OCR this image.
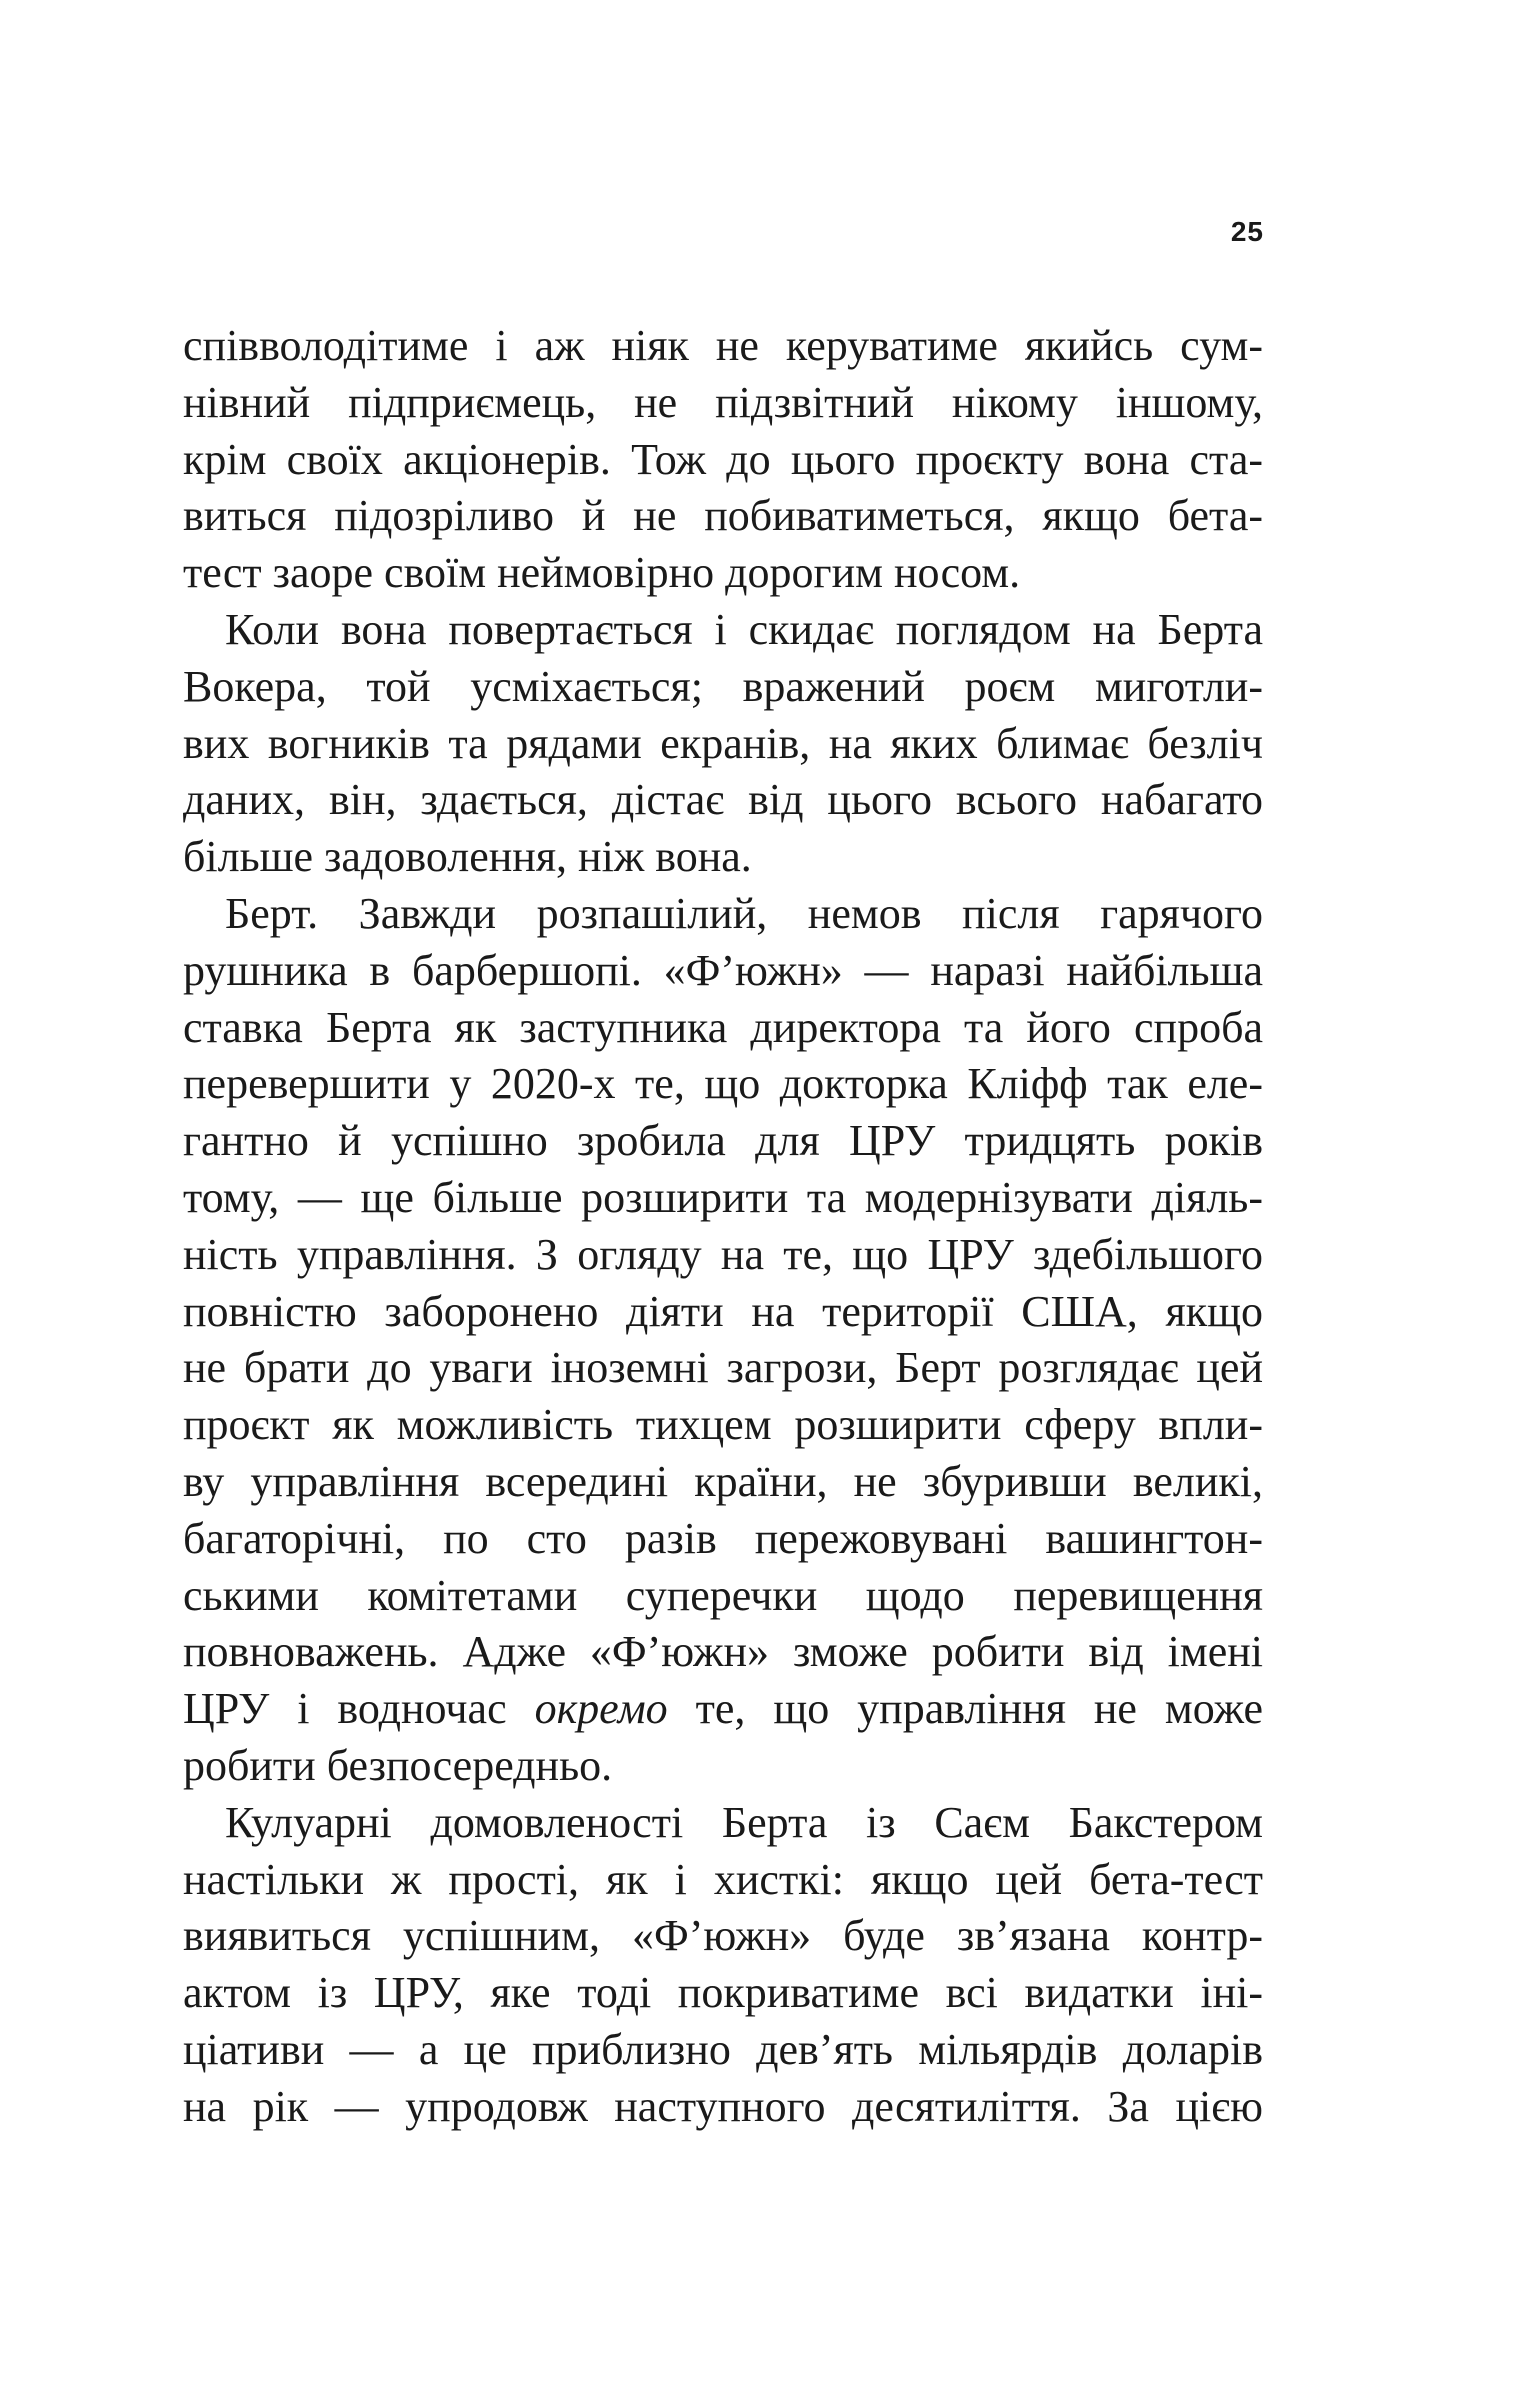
25
співволодітиме і аж ніяк не керуватиме якийсь сум-
нівний підприємець, не підзвітний нікому іншому,
крім своїх акціонерів. Тож до цього проєкту вона ста-
виться підозріливо й не побиватиметься, якщо бета-
тест заоре своїм неймовірно дорогим носом.
Коли вона повертається і скидає поглядом на Берта
Вокера, той усміхається; вражений роєм миготли-
вих вогників та рядами екранів, на яких блимає безліч
даних, він, здається, дістає від цього всього набагато
більше задоволення, ніж вона.
Берт. Завжди розпашілий, немов після гарячого
рушника в барбершопі. «Ф’южн» — наразі найбільша
ставка Берта як заступника директора та його спроба
перевершити у 2020-х те, що докторка Кліфф так еле-
гантно й успішно зробила для ЦРУ тридцять років
тому, — ще більше розширити та модернізувати діяль-
ність управління. З огляду на те, що ЦРУ здебільшого
повністю заборонено діяти на території США, якщо
не брати до уваги іноземні загрози, Берт розглядає цей
проєкт як можливість тихцем розширити сферу впли-
ву управління всередині країни, не збуривши великі,
багаторічні, по сто разів пережовувані вашингтон-
ськими комітетами суперечки щодо перевищення
повноважень. Адже «Ф’южн» зможе робити від імені
ЦРУ і водночас окремо те, що управління не може
робити безпосередньо.
Кулуарні домовленості Берта із Саєм Бакстером
настільки ж прості, як і хисткі: якщо цей бета-тест
виявиться успішним, «Ф’южн» буде зв’язана контр-
актом із ЦРУ, яке тоді покриватиме всі видатки іні-
ціативи — а це приблизно дев’ять мільярдів доларів
на рік — упродовж наступного десятиліття. За цією
